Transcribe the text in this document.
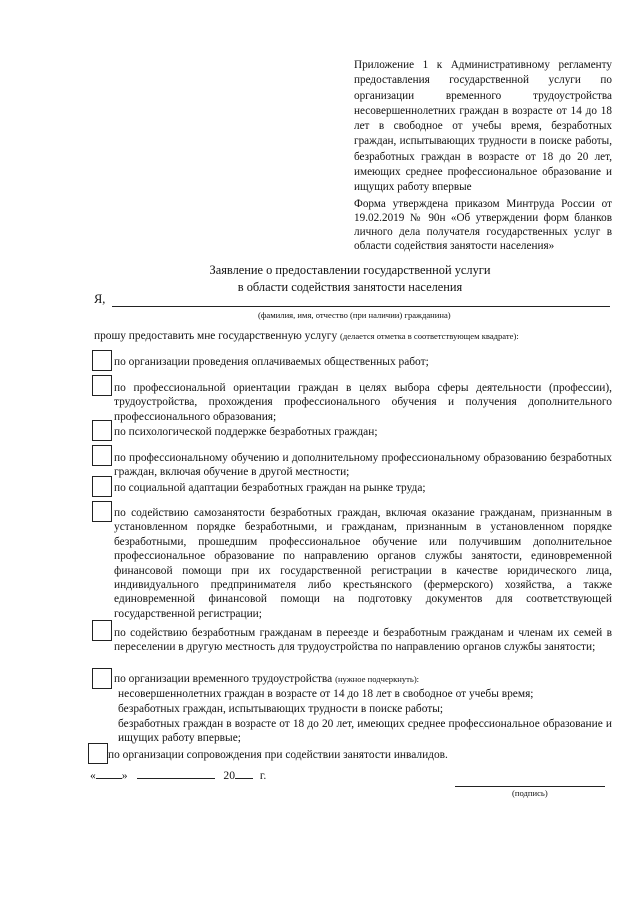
Приложение 1 к Административному регламенту предоставления государственной услуги по организации временного трудоустройства несовершеннолетних граждан в возрасте от 14 до 18 лет в свободное от учебы время, безработных граждан, испытывающих трудности в поиске работы, безработных граждан в возрасте от 18 до 20 лет, имеющих среднее профессиональное образование и ищущих работу впервые

Форма утверждена приказом Минтруда России от 19.02.2019 № 90н «Об утверждении форм бланков личного дела получателя государственных услуг в области содействия занятости населения»

Заявление о предоставлении государственной услуги
в области содействия занятости населения
Я,
(фамилия, имя, отчество (при наличии) гражданина)
прошу предоставить мне государственную услугу (делается отметка в соответствующем квадрате):
по организации проведения оплачиваемых общественных работ;
по профессиональной ориентации граждан в целях выбора сферы деятельности (профессии), трудоустройства, прохождения профессионального обучения и получения дополнительного профессионального образования;
по психологической поддержке безработных граждан;
по профессиональному обучению и дополнительному профессиональному образованию безработных граждан, включая обучение в другой местности;
по социальной адаптации безработных граждан на рынке труда;
по содействию самозанятости безработных граждан, включая оказание гражданам, признанным в установленном порядке безработными, и гражданам, признанным в установленном порядке безработными, прошедшим профессиональное обучение или получившим дополнительное профессиональное образование по направлению органов службы занятости, единовременной финансовой помощи при их государственной регистрации в качестве юридического лица, индивидуального предпринимателя либо крестьянского (фермерского) хозяйства, а также единовременной финансовой помощи на подготовку документов для соответствующей государственной регистрации;
по содействию безработным гражданам в переезде и безработным гражданам и членам их семей в переселении в другую местность для трудоустройства по направлению органов службы занятости;
по организации временного трудоустройства (нужное подчеркнуть):
несовершеннолетних граждан в возрасте от 14 до 18 лет в свободное от учебы время;
безработных граждан, испытывающих трудности в поиске работы;
безработных граждан в возрасте от 18 до 20 лет, имеющих среднее профессиональное образование и ищущих работу впервые;
по организации сопровождения при содействии занятости инвалидов.
« »	20 г.
(подпись)
